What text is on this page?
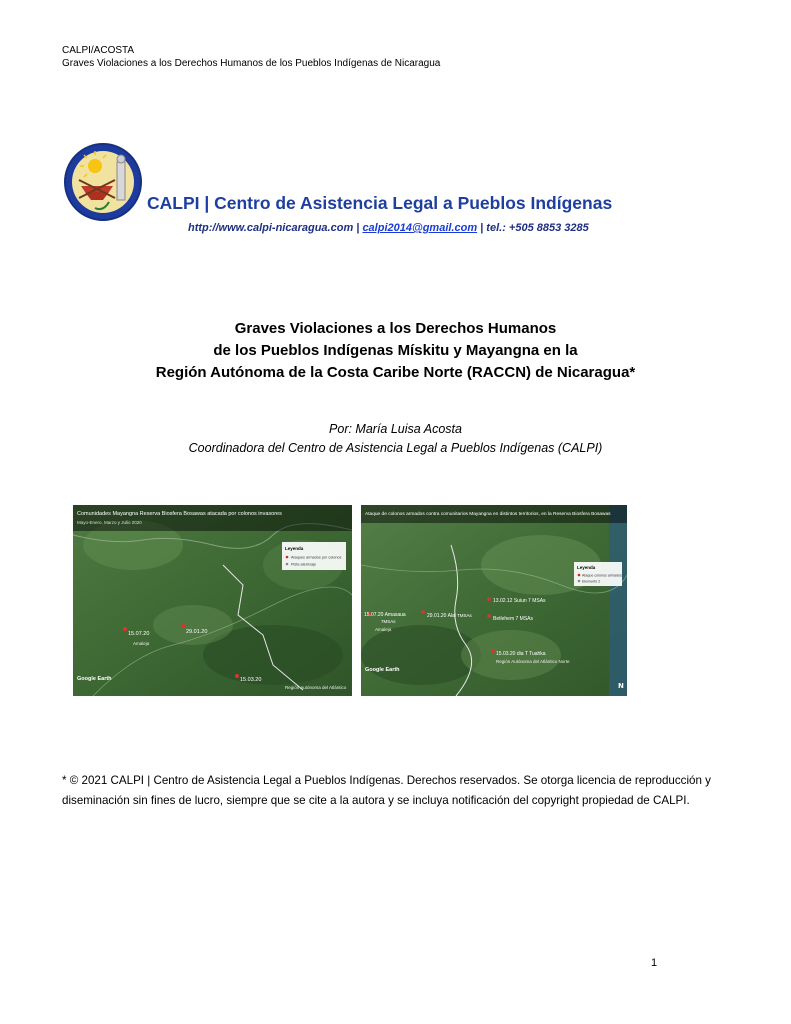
CALPI/ACOSTA
Graves Violaciones a los Derechos Humanos de los Pueblos Indígenas de Nicaragua
CALPI | Centro de Asistencia Legal a Pueblos Indígenas
http://www.calpi-nicaragua.com | calpi2014@gmail.com | tel.: +505 8853 3285
Graves Violaciones a los Derechos Humanos
de los Pueblos Indígenas Mískitu y Mayangna en la
Región Autónoma de la Costa Caribe Norte (RACCN) de Nicaragua*
Por: María Luisa Acosta
Coordinadora del Centro de Asistencia Legal a Pueblos Indígenas (CALPI)
Comunidades Mayangna Reserva Biosfera Bosawas atacada por colonos invasores
Mayo-Enero, Marzo y Julio 2020
Leyenda
Ataques armados por colonos
Pista aterrizaje
15.07.20	29.01.20
15.03.20
Amaleja
Región Autónoma del Atlántico
Google Earth
Ataque de colonos armados contra comunitarios Mayangna en distintos territorios, en la Reserva Biosfera Bosawas
Leyenda
Ataque colonos armados
Elemento 2
15.07.20 Amasaua
7MSAs
29.01.20 Alal TMSAs
13.02.12 Suiun 7 MSAs
Betlehem 7 MSAs
15.03.20 dia T Tuahka
Amaleja
Región Autónoma del Atlántico Norte
Google Earth
N
* © 2021 CALPI | Centro de Asistencia Legal a Pueblos Indígenas. Derechos reservados. Se otorga licencia de reproducción y diseminación sin fines de lucro, siempre que se cite a la autora y se incluya notificación del copyright propiedad de CALPI.
1
